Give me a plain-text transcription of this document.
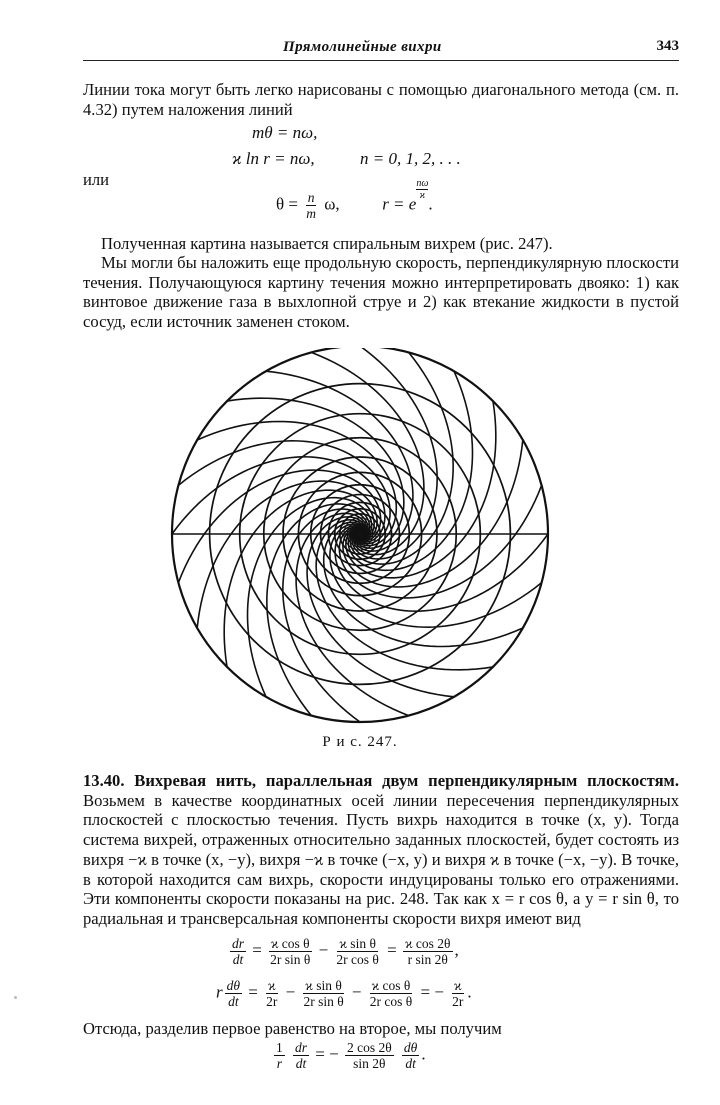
Прямолинейные вихри	343
Линии тока могут быть легко нарисованы с помощью диагонального метода (см. п. 4.32) путем наложения линий
mθ = nω,
ϰ ln r = nω,	n = 0, 1, 2, . . .
или
$\theta = \frac{n}{m} \omega$,	r = e
$\frac{n\omega}{ϰ}$
.
Полученная картина называется спиральным вихрем (рис. 247).
Мы могли бы наложить еще продольную скорость, перпендикулярную плоскости течения. Получающуюся картину течения можно интерпретировать двояко: 1) как винтовое движение газа в выхлопной струе и 2) как втекание жидкости в пустой сосуд, если источник заменен стоком.
Р и с. 247.
13.40. Вихревая нить, параллельная двум перпендикулярным плоскостям. Возьмем в качестве координатных осей линии пересечения перпендикулярных плоскостей с плоскостью течения. Пусть вихрь находится в точке (x, y). Тогда система вихрей, отраженных относительно заданных плоскостей, будет состоять из вихря −ϰ в точке (x, −y), вихря −ϰ в точке (−x, y) и вихря ϰ в точке (−x, −y). В точке, в которой находится сам вихрь, скорости индуцированы только его отражениями. Эти компоненты скорости показаны на рис. 248. Так как x = r cos θ, а y = r sin θ, то радиальная и трансверсальная компоненты скорости вихря имеют вид
$\frac{dr}{dt} = \frac{\text{ϰ cos θ}}{\text{2r sin θ}} - \frac{\text{ϰ sin θ}}{\text{2r cos θ}} = \frac{\text{ϰ cos 2θ}}{\text{r sin 2θ}}$ ,
r $\frac{d\theta}{dt} = \frac{ϰ}{2r} - \frac{\text{ϰ sin θ}}{\text{2r sin θ}} - \frac{\text{ϰ cos θ}}{\text{2r cos θ}}$ = − $\frac{ϰ}{2r}$ .
Отсюда, разделив первое равенство на второе, мы получим
$\frac{1}{r}$
$\frac{dr}{dt}$ = − $\frac{2 \cos 2\theta}{\sin 2\theta}$
$\frac{d\theta}{dt}$ .
